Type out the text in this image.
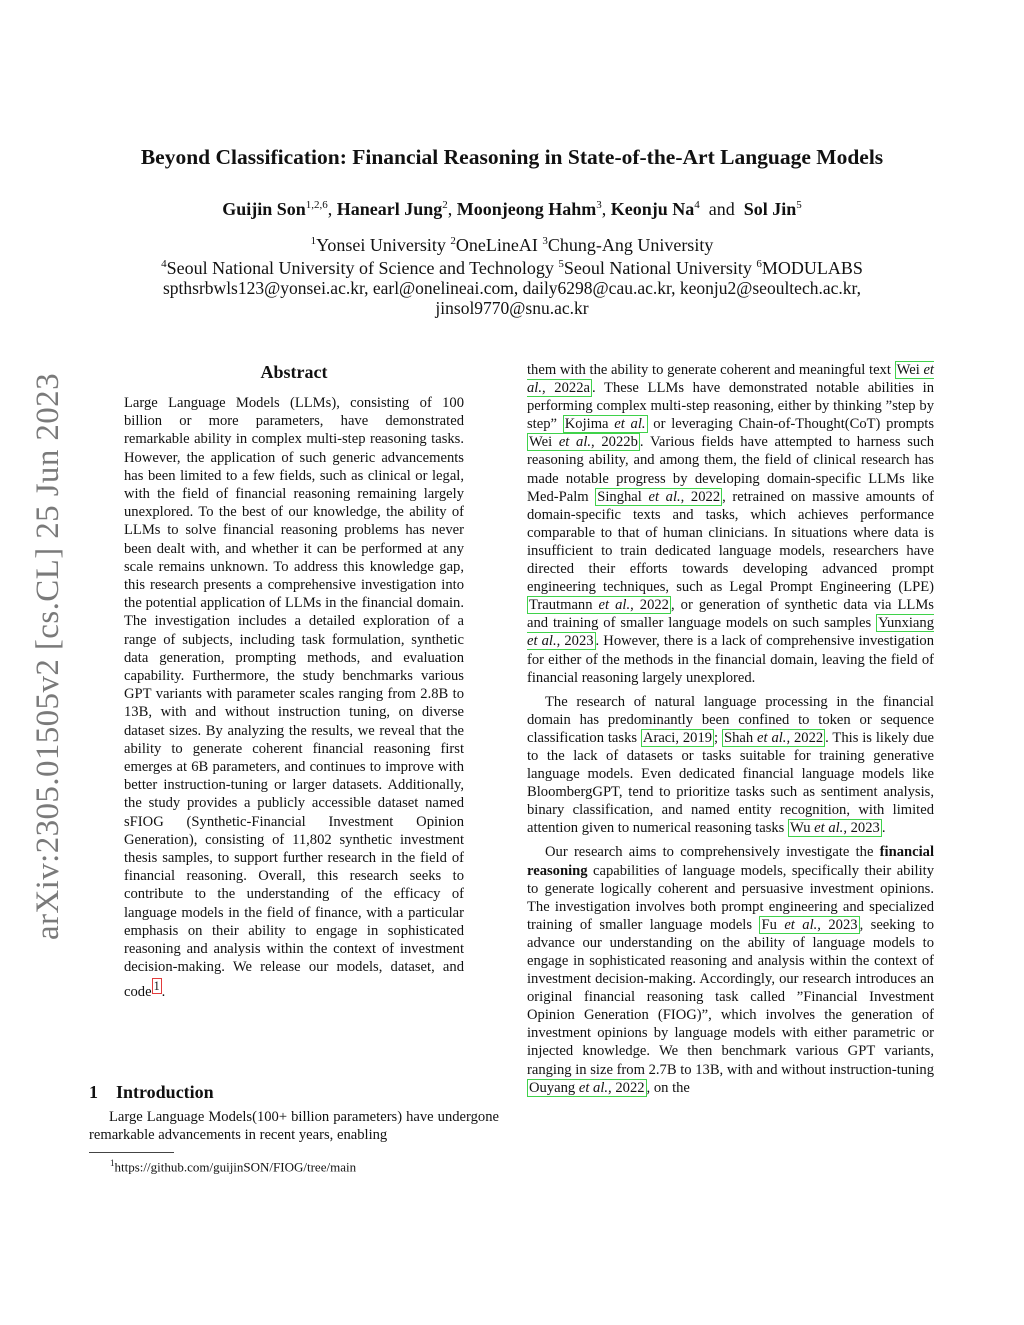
arXiv:2305.01505v2 [cs.CL] 25 Jun 2023
Beyond Classification: Financial Reasoning in State-of-the-Art Language Models
Guijin Son$^{1,2,6}$, Hanearl Jung$^2$, Moonjeong Hahm$^3$, Keonju Na$^4$ and Sol Jin$^5$
$^1$Yonsei University $^2$OneLineAI $^3$Chung-Ang University
$^4$Seoul National University of Science and Technology $^5$Seoul National University $^6$MODULABS
spthsrbwls123@yonsei.ac.kr, earl@onelineai.com, daily6298@cau.ac.kr, keonju2@seoultech.ac.kr,
jinsol9770@snu.ac.kr
Abstract
Large Language Models (LLMs), consisting of 100 billion or more parameters, have demonstrated remarkable ability in complex multi-step reasoning tasks. However, the application of such generic advancements has been limited to a few fields, such as clinical or legal, with the field of financial reasoning remaining largely unexplored. To the best of our knowledge, the ability of LLMs to solve financial reasoning problems has never been dealt with, and whether it can be performed at any scale remains unknown. To address this knowledge gap, this research presents a comprehensive investigation into the potential application of LLMs in the financial domain. The investigation includes a detailed exploration of a range of subjects, including task formulation, synthetic data generation, prompting methods, and evaluation capability. Furthermore, the study benchmarks various GPT variants with parameter scales ranging from 2.8B to 13B, with and without instruction tuning, on diverse dataset sizes. By analyzing the results, we reveal that the ability to generate coherent financial reasoning first emerges at 6B parameters, and continues to improve with better instruction-tuning or larger datasets. Additionally, the study provides a publicly accessible dataset named sFIOG (Synthetic-Financial Investment Opinion Generation), consisting of 11,802 synthetic investment thesis samples, to support further research in the field of financial reasoning. Overall, this research seeks to contribute to the understanding of the efficacy of language models in the field of finance, with a particular emphasis on their ability to engage in sophisticated reasoning and analysis within the context of investment decision-making. We release our models, dataset, and code $^1$ .
1 Introduction
Large Language Models(100+ billion parameters) have undergone remarkable advancements in recent years, enabling
$^1$https://github.com/guijinSON/FIOG/tree/main

them with the ability to generate coherent and meaningful text Wei et al., 2022a . These LLMs have demonstrated notable abilities in performing complex multi-step reasoning, either by thinking ”step by step” Kojima et al. or leveraging Chain-of-Thought(CoT) prompts Wei et al., 2022b . Various fields have attempted to harness such reasoning ability, and among them, the field of clinical research has made notable progress by developing domain-specific LLMs like Med-Palm Singhal et al., 2022 , retrained on massive amounts of domain-specific texts and tasks, which achieves performance comparable to that of human clinicians. In situations where data is insufficient to train dedicated language models, researchers have directed their efforts towards developing advanced prompt engineering techniques, such as Legal Prompt Engineering (LPE) Trautmann et al., 2022 , or generation of synthetic data via LLMs and training of smaller language models on such samples Yunxiang et al., 2023 . However, there is a lack of comprehensive investigation for either of the methods in the financial domain, leaving the field of financial reasoning largely unexplored.

The research of natural language processing in the financial domain has predominantly been confined to token or sequence classification tasks Araci, 2019 ; Shah et al., 2022 . This is likely due to the lack of datasets or tasks suitable for training generative language models. Even dedicated financial language models like BloombergGPT, tend to prioritize tasks such as sentiment analysis, binary classification, and named entity recognition, with limited attention given to numerical reasoning tasks Wu et al., 2023 .

Our research aims to comprehensively investigate the financial reasoning capabilities of language models, specifically their ability to generate logically coherent and persuasive investment opinions. The investigation involves both prompt engineering and specialized training of smaller language models Fu et al., 2023 , seeking to advance our understanding on the ability of language models to engage in sophisticated reasoning and analysis within the context of investment decision-making. Accordingly, our research introduces an original financial reasoning task called ”Financial Investment Opinion Generation (FIOG)”, which involves the generation of investment opinions by language models with either parametric or injected knowledge. We then benchmark various GPT variants, ranging in size from 2.7B to 13B, with and without instruction-tuning Ouyang et al., 2022 , on the
